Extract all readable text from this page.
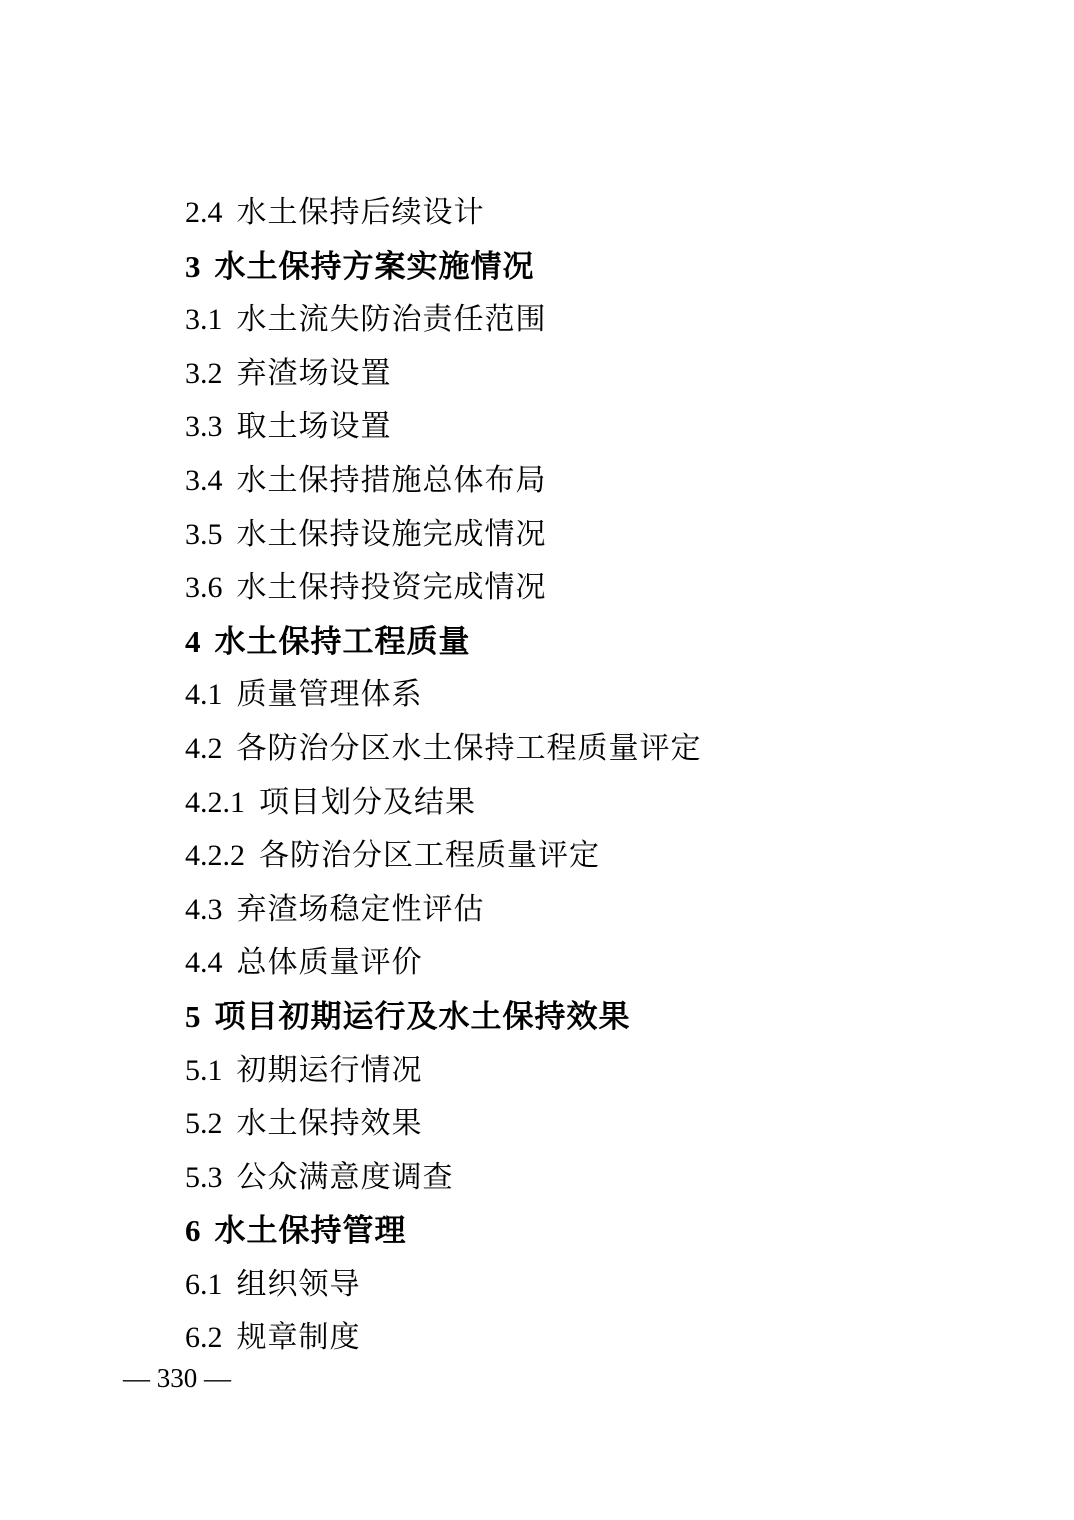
2.4 水土保持后续设计
3 水土保持方案实施情况
3.1 水土流失防治责任范围
3.2 弃渣场设置
3.3 取土场设置
3.4 水土保持措施总体布局
3.5 水土保持设施完成情况
3.6 水土保持投资完成情况
4 水土保持工程质量
4.1 质量管理体系
4.2 各防治分区水土保持工程质量评定
4.2.1 项目划分及结果
4.2.2 各防治分区工程质量评定
4.3 弃渣场稳定性评估
4.4 总体质量评价
5 项目初期运行及水土保持效果
5.1 初期运行情况
5.2 水土保持效果
5.3 公众满意度调查
6 水土保持管理
6.1 组织领导
6.2 规章制度
— 330 —
